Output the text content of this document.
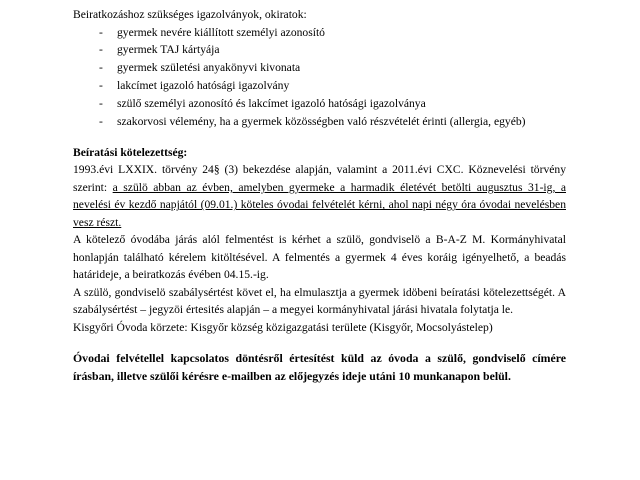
Beiratkozáshoz szükséges igazolványok, okiratok:

- gyermek nevére kiállított személyi azonosító
- gyermek TAJ kártyája
- gyermek születési anyakönyvi kivonata
- lakcímet igazoló hatósági igazolvány
- szülő személyi azonosító és lakcímet igazoló hatósági igazolványa
- szakorvosi vélemény, ha a gyermek közösségben való részvételét érinti (allergia, egyéb)

Beíratási kötelezettség:

1993.évi LXXIX. törvény 24§ (3) bekezdése alapján, valamint a 2011.évi CXC. Köznevelési törvény szerint: a szülö abban az évben, amelyben gyermeke a harmadik életévét betölti augusztus 31-ig, a nevelési év kezdő napjától (09.01.) köteles óvodai felvételét kérni, ahol napi négy óra óvodai nevelésben vesz részt.

A kötelező óvodába járás alól felmentést is kérhet a szülö, gondviselö a B-A-Z M. Kormányhivatal honlapján található kérelem kitöltésével. A felmentés a gyermek 4 éves koráig igényelhető, a beadás határideje, a beiratkozás évében 04.15.-ig.

A szülö, gondviselö szabálysértést követ el, ha elmulasztja a gyermek idöbeni beíratási kötelezettségét. A szabálysértést – jegyzöi értesités alapján – a megyei kormányhivatal járási hivatala folytatja le.

Kisgyőri Óvoda körzete: Kisgyőr község közigazgatási területe (Kisgyőr, Mocsolyástelep)

Óvodai felvétellel kapcsolatos döntésről értesítést küld az óvoda a szülő, gondviselő címére írásban, illetve szülői kérésre e-mailben az előjegyzés ideje utáni 10 munkanapon belül.
